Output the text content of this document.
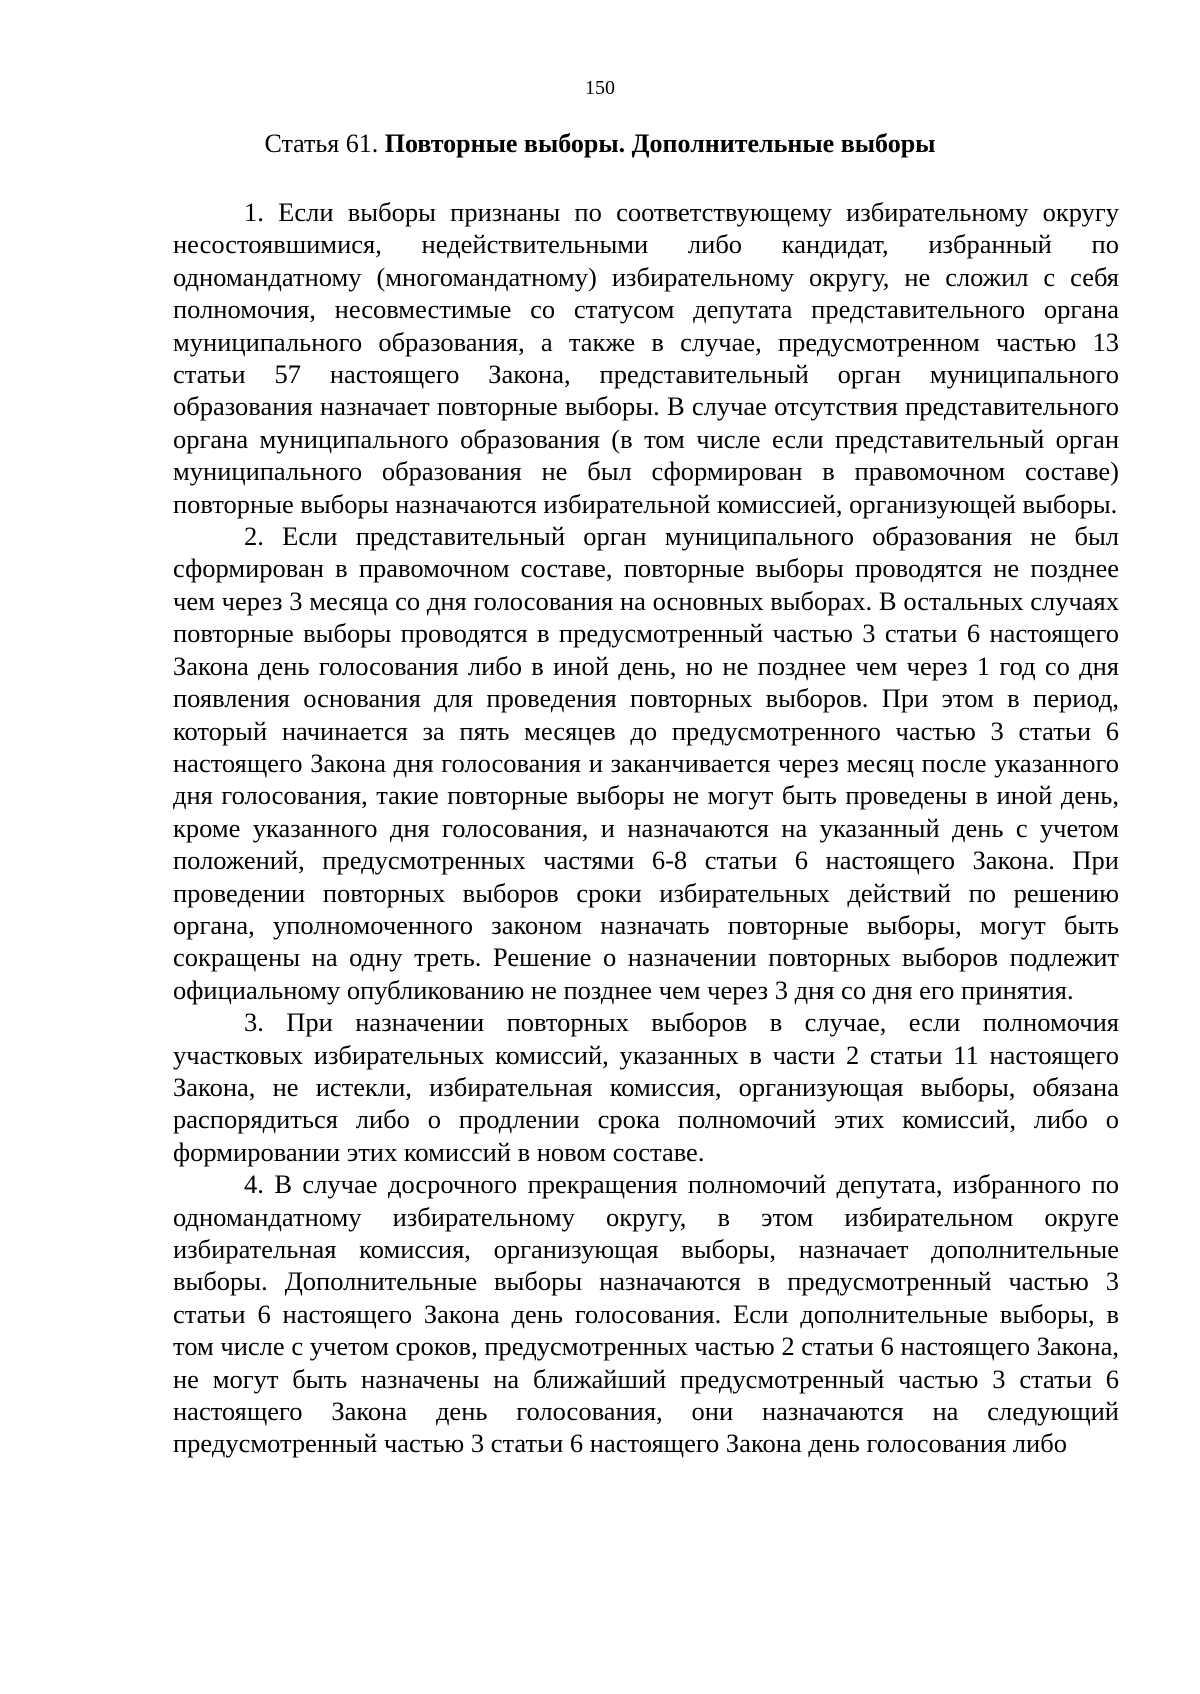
150
Статья 61. Повторные выборы. Дополнительные выборы

1. Если выборы признаны по соответствующему избирательному округу несостоявшимися, недействительными либо кандидат, избранный по одномандатному (многомандатному) избирательному округу, не сложил с себя полномочия, несовместимые со статусом депутата представительного органа муниципального образования, а также в случае, предусмотренном частью 13 статьи 57 настоящего Закона, представительный орган муниципального образования назначает повторные выборы. В случае отсутствия представительного органа муниципального образования (в том числе если представительный орган муниципального образования не был сформирован в правомочном составе) повторные выборы назначаются избирательной комиссией, организующей выборы.

2. Если представительный орган муниципального образования не был сформирован в правомочном составе, повторные выборы проводятся не позднее чем через 3 месяца со дня голосования на основных выборах. В остальных случаях повторные выборы проводятся в предусмотренный частью 3 статьи 6 настоящего Закона день голосования либо в иной день, но не позднее чем через 1 год со дня появления основания для проведения повторных выборов. При этом в период, который начинается за пять месяцев до предусмотренного частью 3 статьи 6 настоящего Закона дня голосования и заканчивается через месяц после указанного дня голосования, такие повторные выборы не могут быть проведены в иной день, кроме указанного дня голосования, и назначаются на указанный день с учетом положений, предусмотренных частями 6-8 статьи 6 настоящего Закона. При проведении повторных выборов сроки избирательных действий по решению органа, уполномоченного законом назначать повторные выборы, могут быть сокращены на одну треть. Решение о назначении повторных выборов подлежит официальному опубликованию не позднее чем через 3 дня со дня его принятия.

3. При назначении повторных выборов в случае, если полномочия участковых избирательных комиссий, указанных в части 2 статьи 11 настоящего Закона, не истекли, избирательная комиссия, организующая выборы, обязана распорядиться либо о продлении срока полномочий этих комиссий, либо о формировании этих комиссий в новом составе.

4. В случае досрочного прекращения полномочий депутата, избранного по одномандатному избирательному округу, в этом избирательном округе избирательная комиссия, организующая выборы, назначает дополнительные выборы. Дополнительные выборы назначаются в предусмотренный частью 3 статьи 6 настоящего Закона день голосования. Если дополнительные выборы, в том числе с учетом сроков, предусмотренных частью 2 статьи 6 настоящего Закона, не могут быть назначены на ближайший предусмотренный частью 3 статьи 6 настоящего Закона день голосования, они назначаются на следующий предусмотренный частью 3 статьи 6 настоящего Закона день голосования либо
